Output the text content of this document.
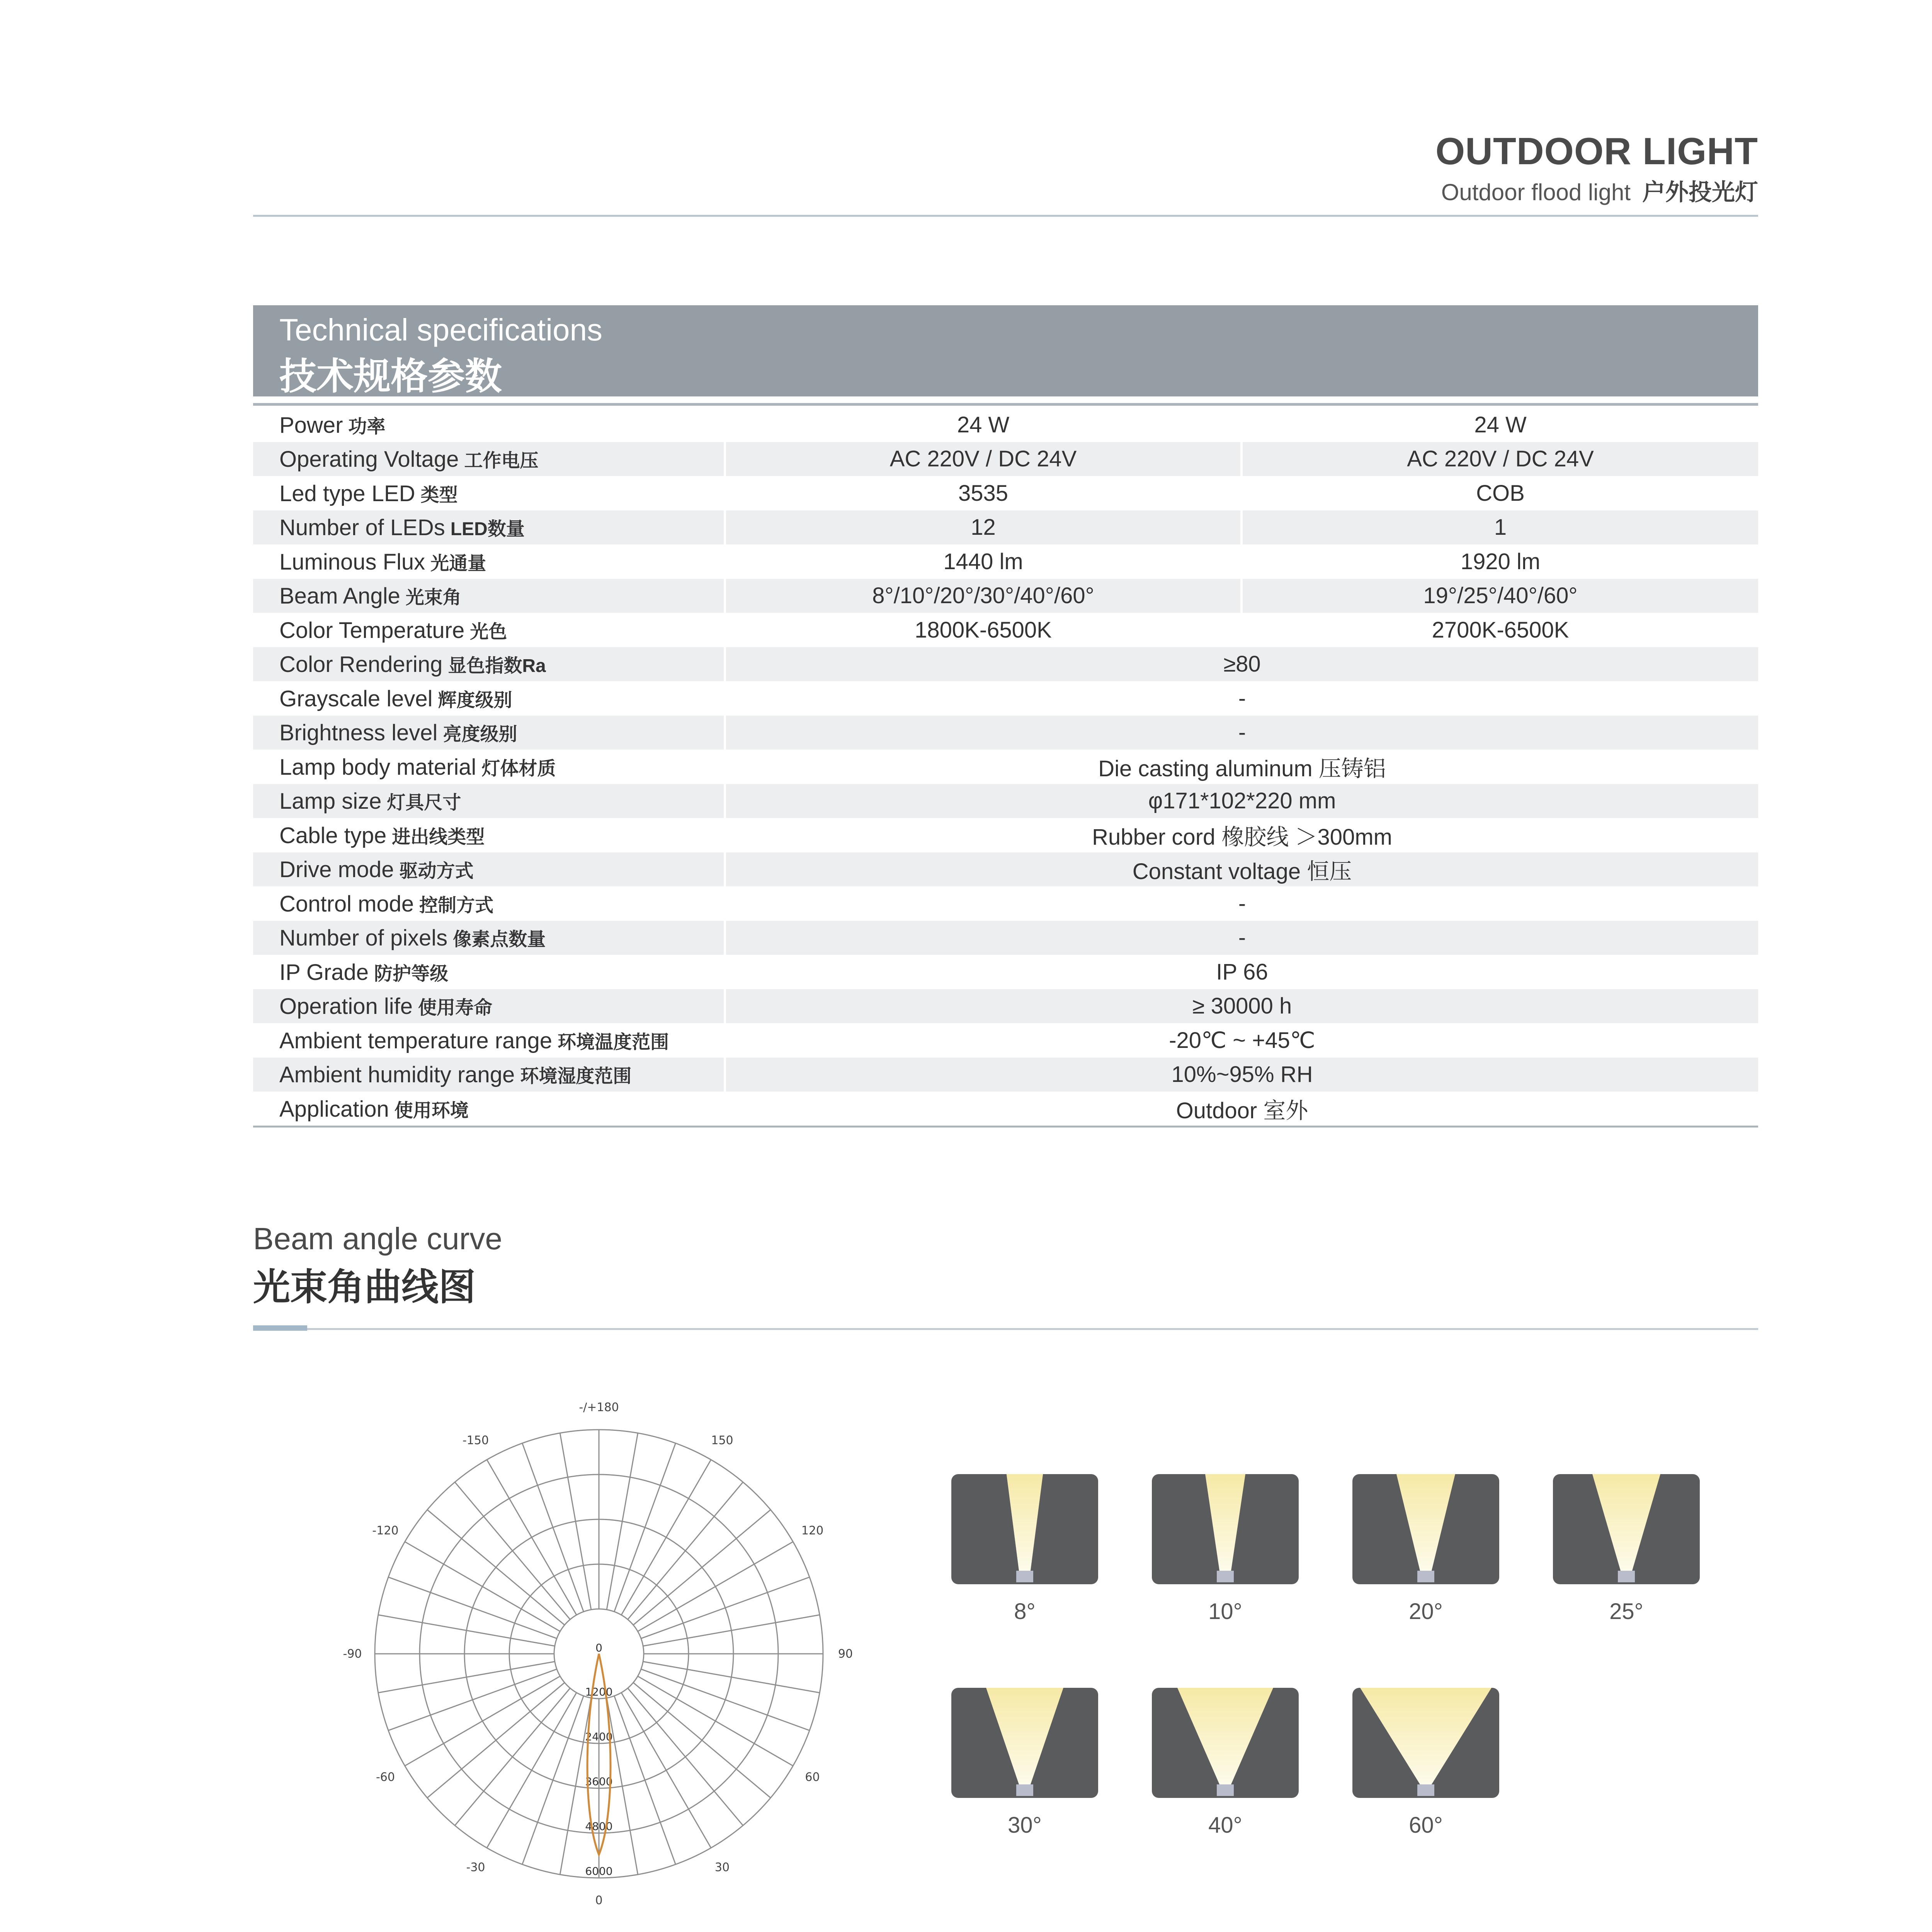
OUTDOOR LIGHT
Outdoor flood light 户外投光灯
Technical specifications
技术规格参数
Power 功率	24 W	24 W
Operating Voltage 工作电压	AC 220V / DC 24V	AC 220V / DC 24V
Led type LED 类型	3535	COB
Number of LEDs LED数量	12	1
Luminous Flux 光通量	1440 lm	1920 lm
Beam Angle 光束角	8°/10°/20°/30°/40°/60°	19°/25°/40°/60°
Color Temperature 光色	1800K-6500K	2700K-6500K
Color Rendering 显色指数Ra	≥80	
Grayscale level 辉度级别	-	
Brightness level 亮度级别	-	
Lamp body material 灯体材质	Die casting aluminum 压铸铝	
Lamp size 灯具尺寸	φ171*102*220 mm	
Cable type 进出线类型	Rubber cord 橡胶线 ＞300mm	
Drive mode 驱动方式	Constant voltage 恒压	
Control mode 控制方式	-	
Number of pixels 像素点数量	-	
IP Grade 防护等级	IP 66	
Operation life 使用寿命	≥ 30000 h	
Ambient temperature range 环境温度范围	-20℃ ~ +45℃	
Ambient humidity range 环境湿度范围	10%~95% RH	
Application 使用环境	Outdoor 室外	
Beam angle curve
光束角曲线图
-/+180
150
120
90
60
30
0
-30
-60
-90
-120
-150
0
1200
2400
3600
4800
6000
8°	10°	20°	25°
30°	40°	60°
